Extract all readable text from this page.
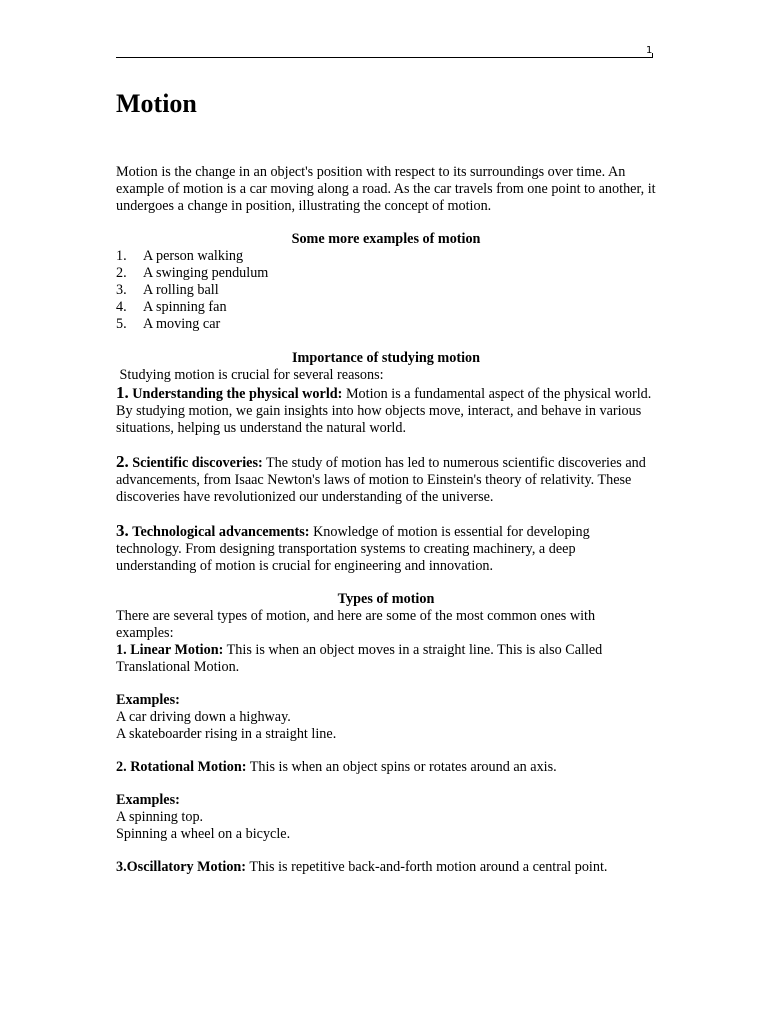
1
Motion

Motion is the change in an object's position with respect to its surroundings over time. An example of motion is a car moving along a road. As the car travels from one point to another, it undergoes a change in position, illustrating the concept of motion.

Some more examples of motion

1.	A person walking
2.	A swinging pendulum
3.	A rolling ball
4.	A spinning fan
5.	A moving car

Importance of studying motion

Studying motion is crucial for several reasons:

1. Understanding the physical world: Motion is a fundamental aspect of the physical world. By studying motion, we gain insights into how objects move, interact, and behave in various situations, helping us understand the natural world.

2. Scientific discoveries: The study of motion has led to numerous scientific discoveries and advancements, from Isaac Newton's laws of motion to Einstein's theory of relativity. These discoveries have revolutionized our understanding of the universe.

3. Technological advancements: Knowledge of motion is essential for developing technology. From designing transportation systems to creating machinery, a deep understanding of motion is crucial for engineering and innovation.

Types of motion

There are several types of motion, and here are some of the most common ones with examples:

1. Linear Motion: This is when an object moves in a straight line. This is also Called Translational Motion.

Examples:

A car driving down a highway.

A skateboarder rising in a straight line.

2. Rotational Motion: This is when an object spins or rotates around an axis.

Examples:

A spinning top.

Spinning a wheel on a bicycle.

3.Oscillatory Motion: This is repetitive back-and-forth motion around a central point.
